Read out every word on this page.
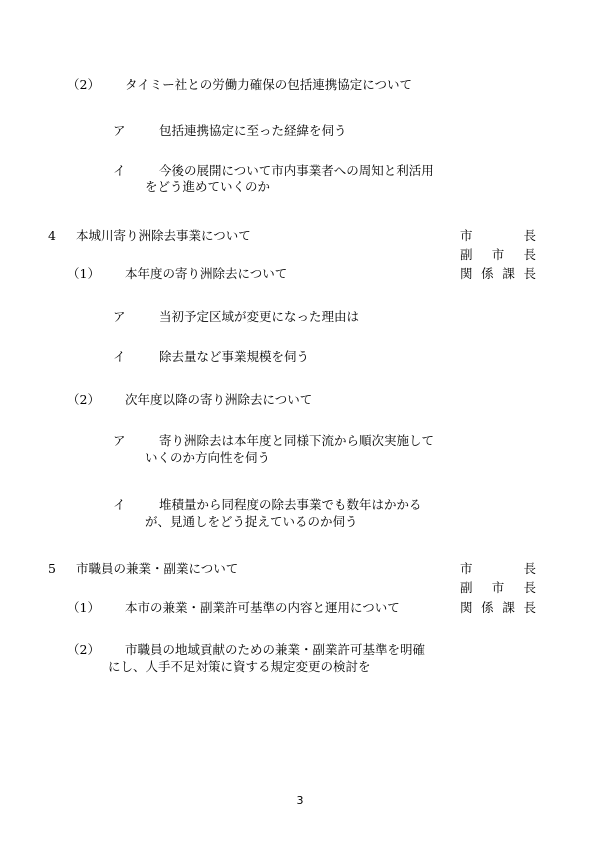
（2） タイミー社との労働力確保の包括連携協定について
ア	包括連携協定に至った経緯を伺う
イ	今後の展開について市内事業者への周知と利活用
をどう進めていくのか
4 本城川寄り洲除去事業について	市	長
副 市 長
関 係 課 長
（1） 本年度の寄り洲除去について
ア	当初予定区域が変更になった理由は
イ	除去量など事業規模を伺う
（2） 次年度以降の寄り洲除去について
ア	寄り洲除去は本年度と同様下流から順次実施して
いくのか方向性を伺う
イ	堆積量から同程度の除去事業でも数年はかかる
が、見通しをどう捉えているのか伺う
5 市職員の兼業・副業について	市	長
副 市 長
関 係 課 長
（1） 本市の兼業・副業許可基準の内容と運用について
（2） 市職員の地域貢献のための兼業・副業許可基準を明確
にし、人手不足対策に資する規定変更の検討を
3
